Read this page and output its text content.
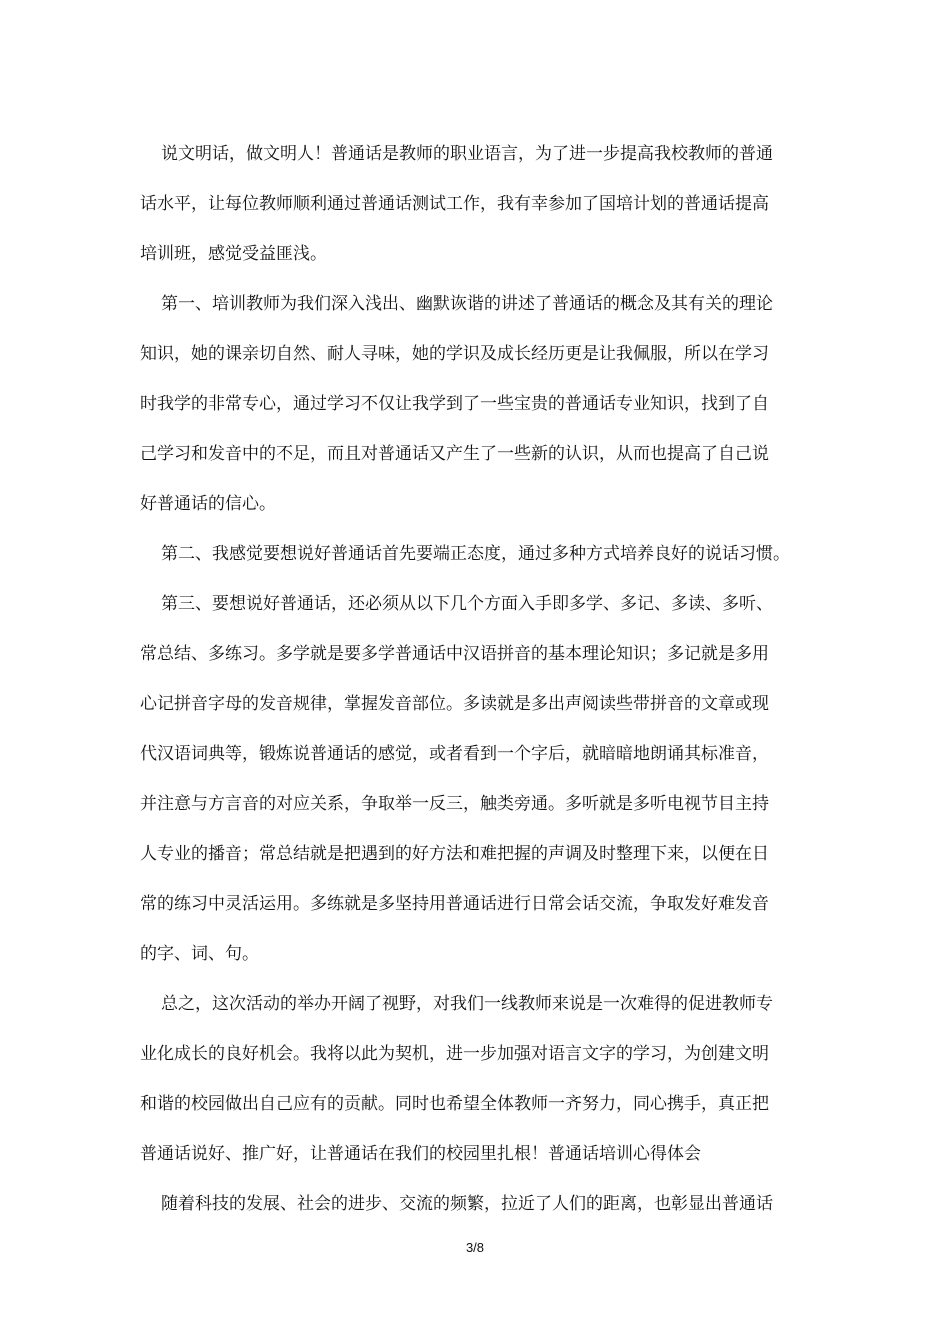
说文明话，做文明人！普通话是教师的职业语言，为了进一步提高我校教师的普通
话水平，让每位教师顺利通过普通话测试工作，我有幸参加了国培计划的普通话提高
培训班，感觉受益匪浅。

第一、培训教师为我们深入浅出、幽默诙谐的讲述了普通话的概念及其有关的理论
知识，她的课亲切自然、耐人寻味，她的学识及成长经历更是让我佩服，所以在学习
时我学的非常专心，通过学习不仅让我学到了一些宝贵的普通话专业知识，找到了自
己学习和发音中的不足，而且对普通话又产生了一些新的认识，从而也提高了自己说
好普通话的信心。

第二、我感觉要想说好普通话首先要端正态度，通过多种方式培养良好的说话习惯。

第三、要想说好普通话，还必须从以下几个方面入手即多学、多记、多读、多听、
常总结、多练习。多学就是要多学普通话中汉语拼音的基本理论知识；多记就是多用
心记拼音字母的发音规律，掌握发音部位。多读就是多出声阅读些带拼音的文章或现
代汉语词典等，锻炼说普通话的感觉，或者看到一个字后，就暗暗地朗诵其标准音，
并注意与方言音的对应关系，争取举一反三，触类旁通。多听就是多听电视节目主持
人专业的播音；常总结就是把遇到的好方法和难把握的声调及时整理下来，以便在日
常的练习中灵活运用。多练就是多坚持用普通话进行日常会话交流，争取发好难发音
的字、词、句。

总之，这次活动的举办开阔了视野，对我们一线教师来说是一次难得的促进教师专
业化成长的良好机会。我将以此为契机，进一步加强对语言文字的学习，为创建文明
和谐的校园做出自己应有的贡献。同时也希望全体教师一齐努力，同心携手，真正把
普通话说好、推广好，让普通话在我们的校园里扎根！普通话培训心得体会

随着科技的发展、社会的进步、交流的频繁，拉近了人们的距离，也彰显出普通话

3/8
